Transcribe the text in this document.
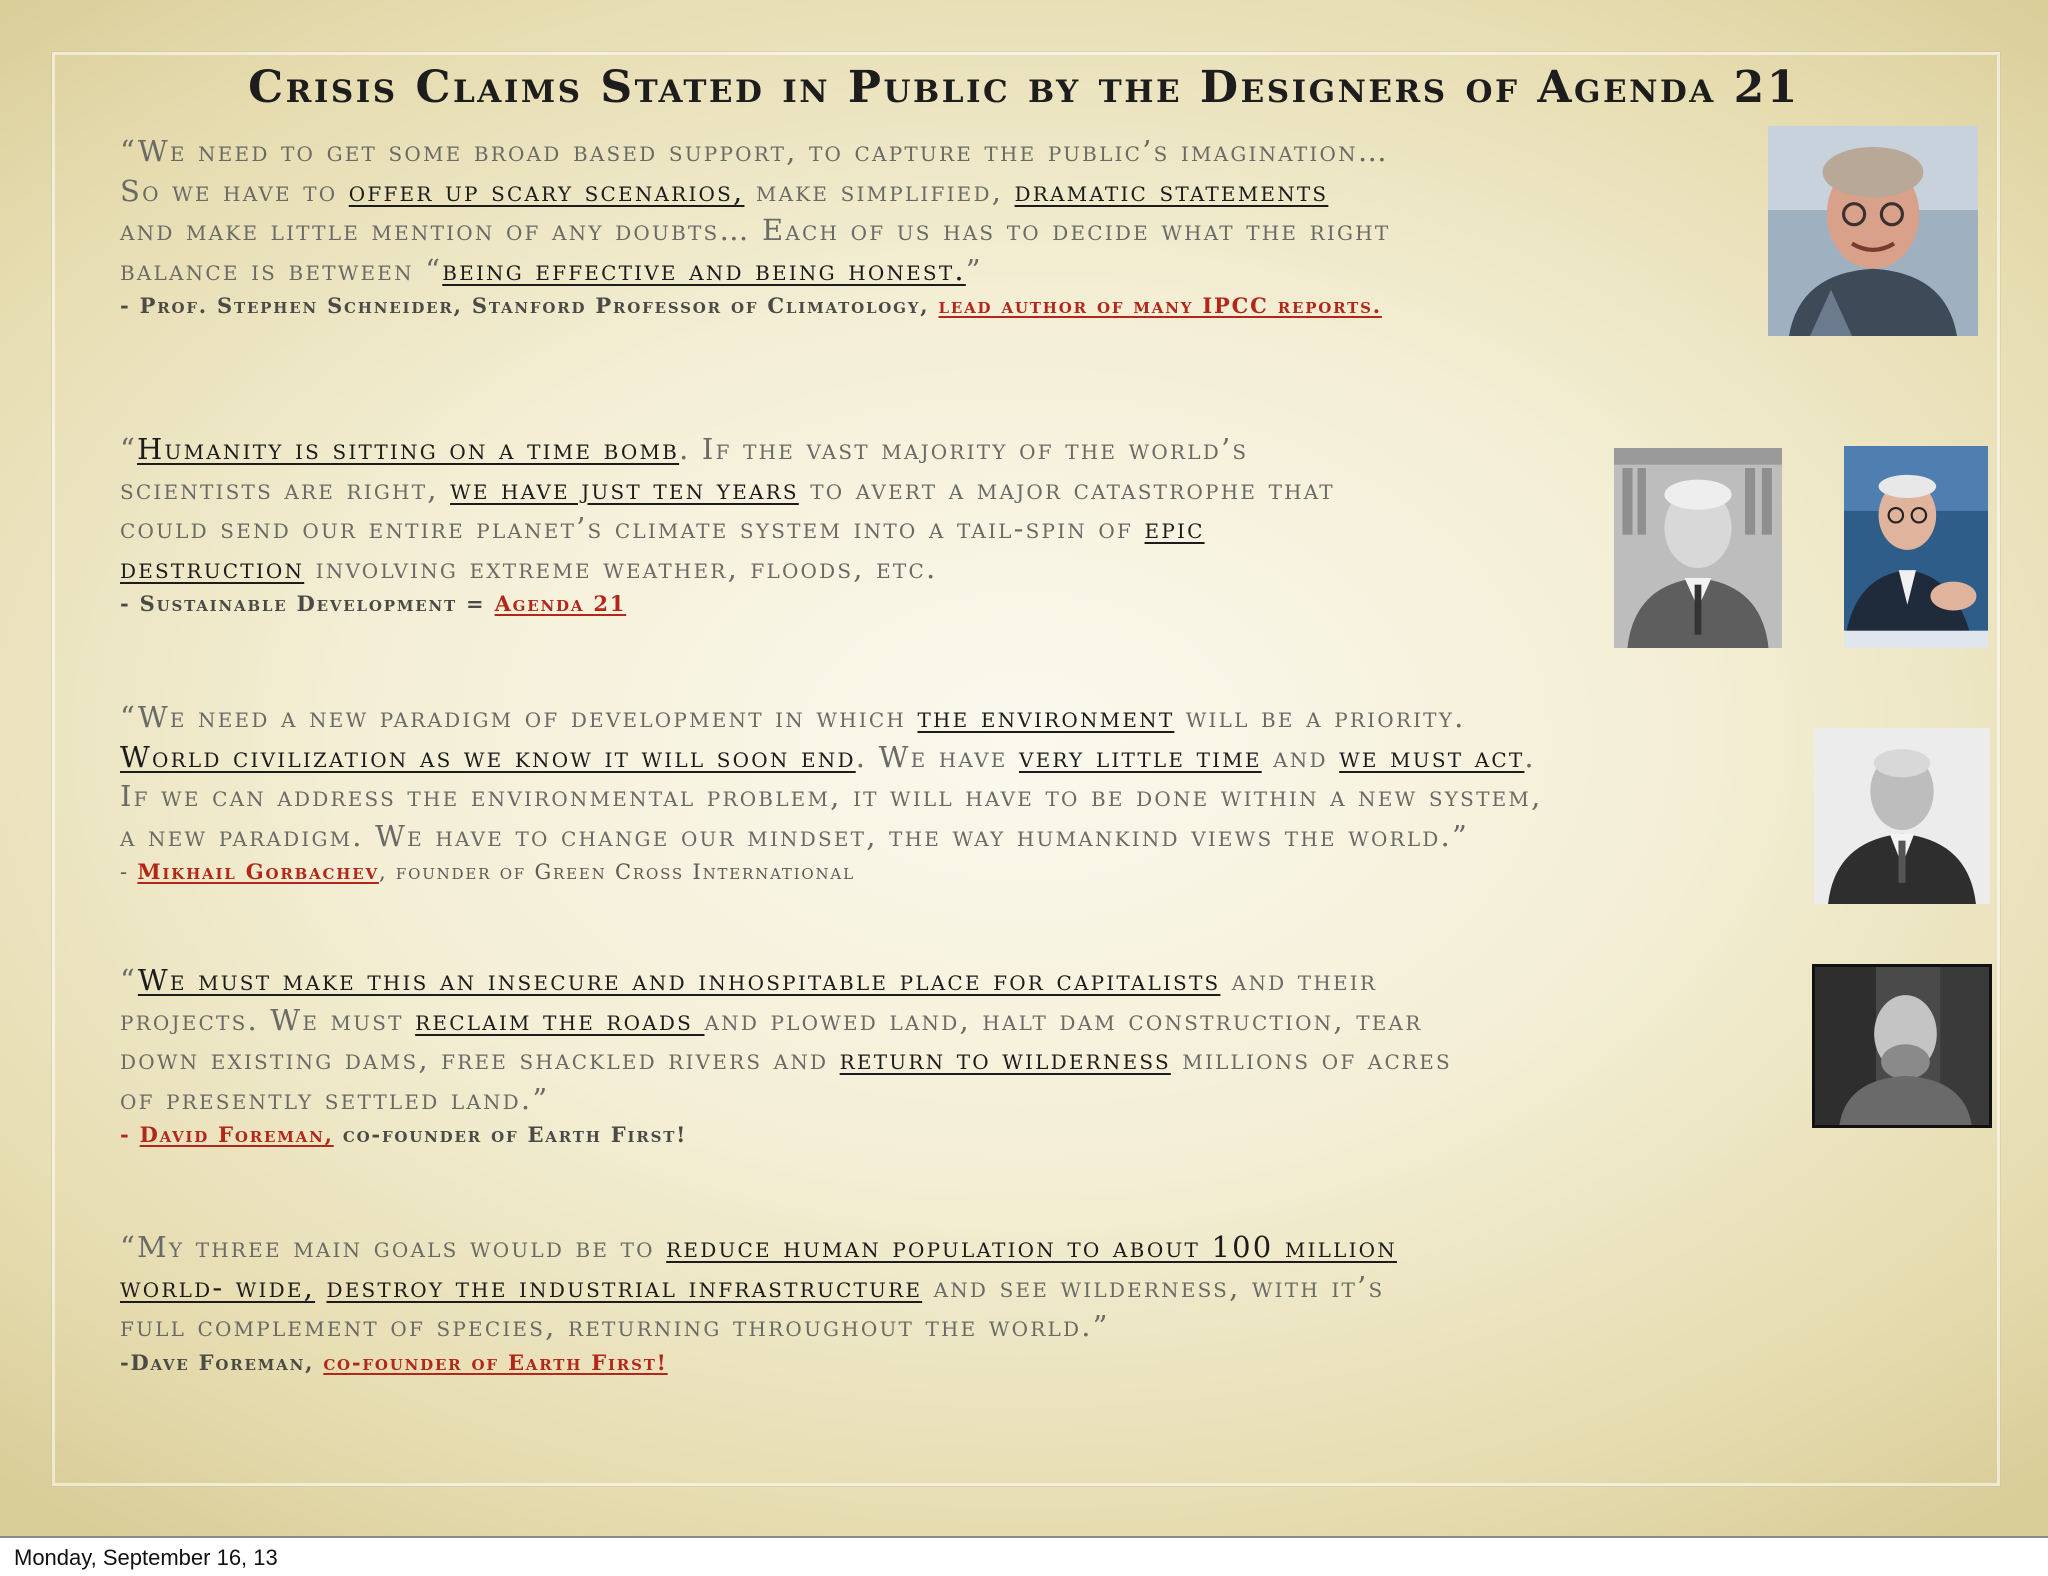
Crisis Claims Stated in Public by the Designers of Agenda 21
“We need to get some broad based support, to capture the public’s imagination…
So we have to offer up scary scenarios, make simplified, dramatic statements
and make little mention of any doubts… Each of us has to decide what the right
balance is between “being effective and being honest.”
- Prof. Stephen Schneider, Stanford Professor of Climatology, lead author of many IPCC reports.
“Humanity is sitting on a time bomb. If the vast majority of the world’s
scientists are right, we have just ten years to avert a major catastrophe that
could send our entire planet’s climate system into a tail-spin of epic
destruction involving extreme weather, floods, etc.
- Sustainable Development = Agenda 21
“We need a new paradigm of development in which the environment will be a priority.
World civilization as we know it will soon end. We have very little time and we must act.
If we can address the environmental problem, it will have to be done within a new system,
a new paradigm. We have to change our mindset, the way humankind views the world.”
- Mikhail Gorbachev, founder of Green Cross International
“We must make this an insecure and inhospitable place for capitalists and their
projects. We must reclaim the roads and plowed land, halt dam construction, tear
down existing dams, free shackled rivers and return to wilderness millions of acres
of presently settled land.”
- David Foreman, co-founder of Earth First!
“My three main goals would be to reduce human population to about 100 million
world- wide, destroy the industrial infrastructure and see wilderness, with it’s
full complement of species, returning throughout the world.”
-Dave Foreman, co-founder of Earth First!
Monday, September 16, 13
